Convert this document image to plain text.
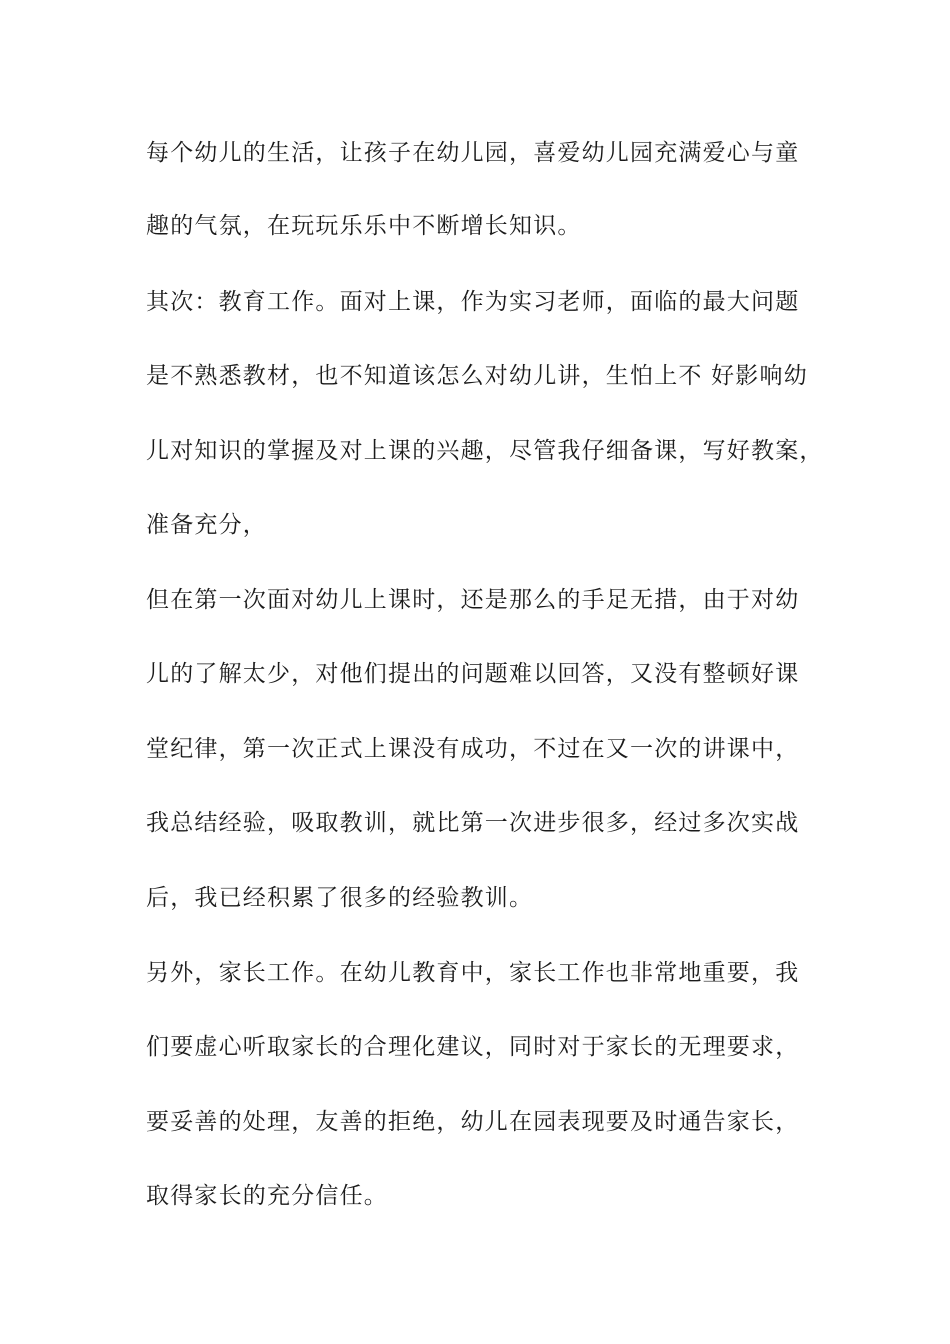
每个幼儿的生活，让孩子在幼儿园，喜爱幼儿园充满爱心与童
趣的气氛，在玩玩乐乐中不断增长知识。
其次：教育工作。面对上课，作为实习老师，面临的最大问题
是不熟悉教材，也不知道该怎么对幼儿讲，生怕上不 好影响幼
儿对知识的掌握及对上课的兴趣，尽管我仔细备课，写好教案，
准备充分，
但在第一次面对幼儿上课时，还是那么的手足无措，由于对幼
儿的了解太少，对他们提出的问题难以回答，又没有整顿好课
堂纪律，第一次正式上课没有成功，不过在又一次的讲课中，
我总结经验，吸取教训，就比第一次进步很多，经过多次实战
后，我已经积累了很多的经验教训。
另外，家长工作。在幼儿教育中，家长工作也非常地重要，我
们要虚心听取家长的合理化建议，同时对于家长的无理要求，
要妥善的处理，友善的拒绝，幼儿在园表现要及时通告家长，
取得家长的充分信任。
